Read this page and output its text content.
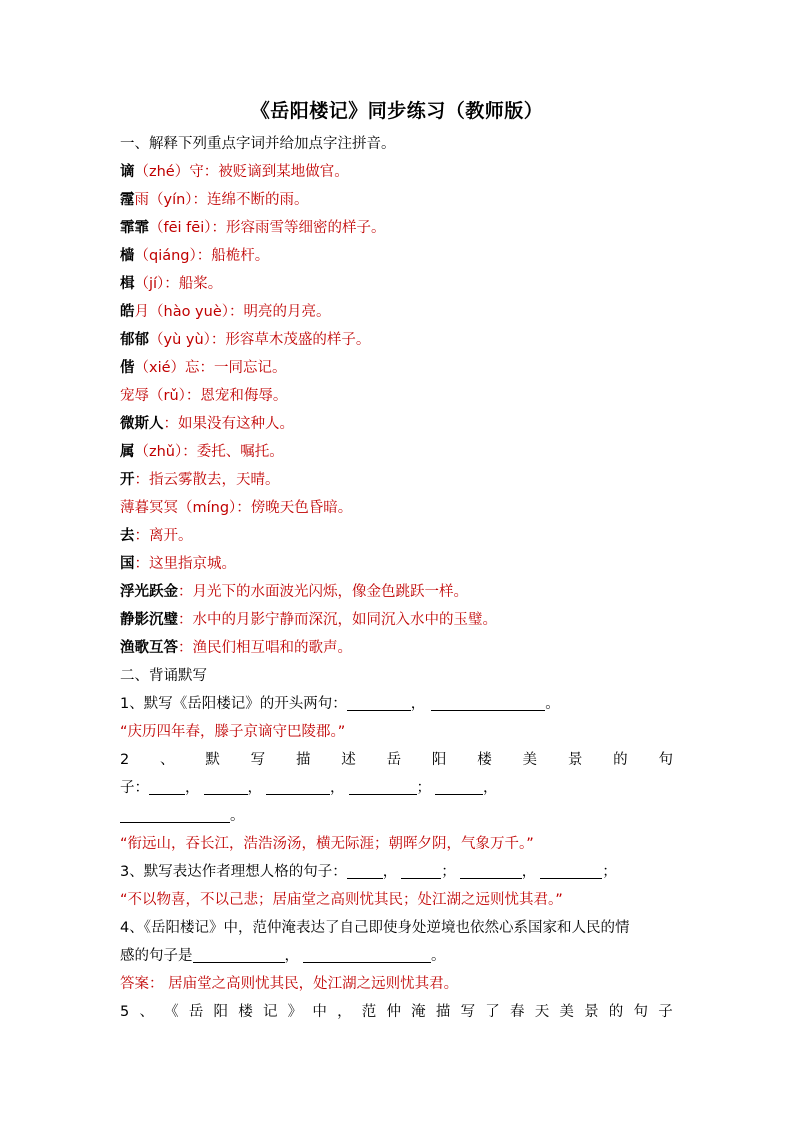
《岳阳楼记》同步练习（教师版）
一、解释下列重点字词并给加点字注拼音。
谪（zhé）守：被贬谪到某地做官。
霪雨（yín）：连绵不断的雨。
霏霏（fēi fēi）：形容雨雪等细密的样子。
樯（qiáng）：船桅杆。
楫（jí）：船桨。
皓月（hào yuè）：明亮的月亮。
郁郁（yù yù）：形容草木茂盛的样子。
偕（xié）忘：一同忘记。
宠辱（rǔ）：恩宠和侮辱。
微斯人：如果没有这种人。
属（zhǔ）：委托、嘱托。
开：指云雾散去，天晴。
薄暮冥冥（míng）：傍晚天色昏暗。
去：离开。
国：这里指京城。
浮光跃金：月光下的水面波光闪烁，像金色跳跃一样。
静影沉璧：水中的月影宁静而深沉，如同沉入水中的玉璧。
渔歌互答：渔民们相互唱和的歌声。
二、背诵默写
1、默写《岳阳楼记》的开头两句：	，	。
“庆历四年春，滕子京谪守巴陵郡。”
2 、 默 写 描 述 岳 阳 楼 美 景 的 句
子： ，	，	，	；	，
。
“衔远山，吞长江，浩浩汤汤，横无际涯；朝晖夕阴，气象万千。”
3、默写表达作者理想人格的句子： ，	；	，	；
“不以物喜，不以己悲；居庙堂之高则忧其民；处江湖之远则忧其君。”
4、《岳阳楼记》中，范仲淹表达了自己即使身处逆境也依然心系国家和人民的情
感的句子是	，	。
答案： 居庙堂之高则忧其民，处江湖之远则忧其君。
5 、 《 岳 阳 楼 记 》 中 ， 范 仲 淹 描 写 了 春 天 美 景 的 句 子
